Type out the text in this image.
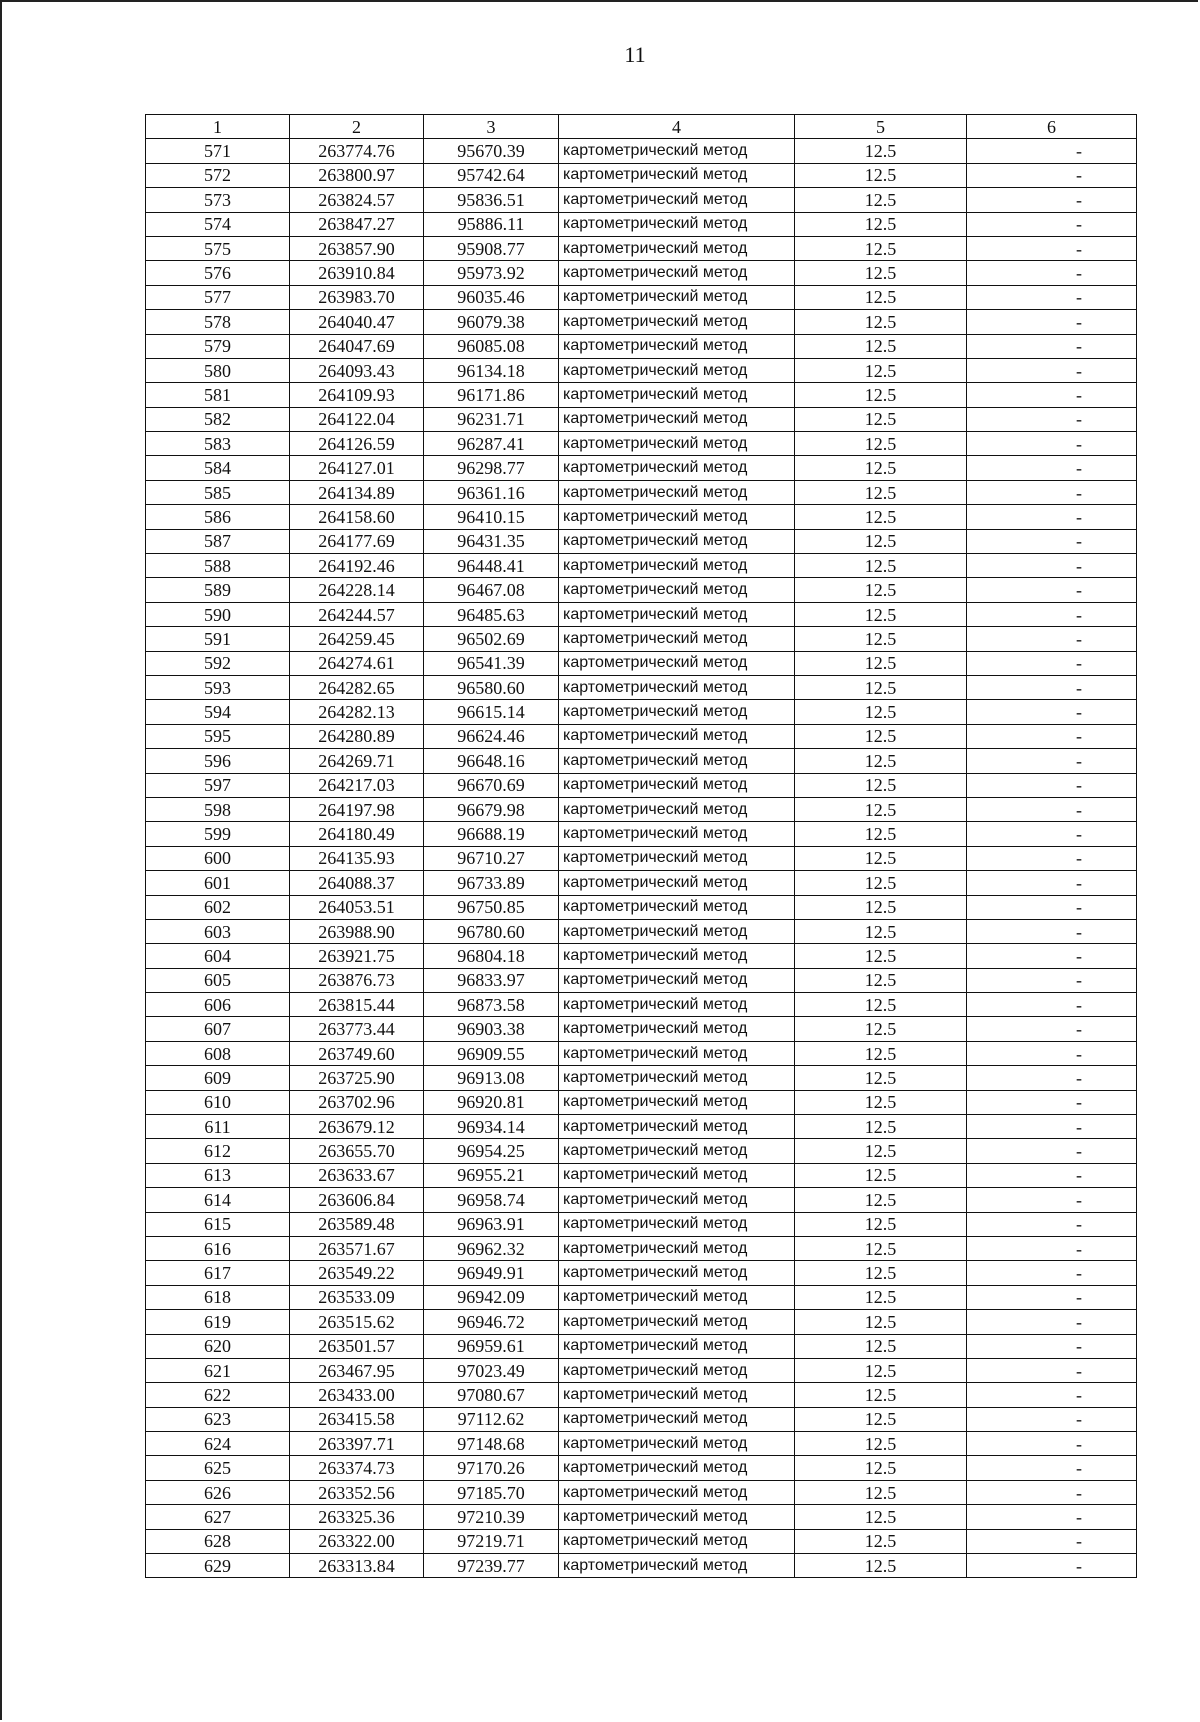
11
1	2	3	4	5	6
571	263774.76	95670.39	картометрический метод	12.5	-
572	263800.97	95742.64	картометрический метод	12.5	-
573	263824.57	95836.51	картометрический метод	12.5	-
574	263847.27	95886.11	картометрический метод	12.5	-
575	263857.90	95908.77	картометрический метод	12.5	-
576	263910.84	95973.92	картометрический метод	12.5	-
577	263983.70	96035.46	картометрический метод	12.5	-
578	264040.47	96079.38	картометрический метод	12.5	-
579	264047.69	96085.08	картометрический метод	12.5	-
580	264093.43	96134.18	картометрический метод	12.5	-
581	264109.93	96171.86	картометрический метод	12.5	-
582	264122.04	96231.71	картометрический метод	12.5	-
583	264126.59	96287.41	картометрический метод	12.5	-
584	264127.01	96298.77	картометрический метод	12.5	-
585	264134.89	96361.16	картометрический метод	12.5	-
586	264158.60	96410.15	картометрический метод	12.5	-
587	264177.69	96431.35	картометрический метод	12.5	-
588	264192.46	96448.41	картометрический метод	12.5	-
589	264228.14	96467.08	картометрический метод	12.5	-
590	264244.57	96485.63	картометрический метод	12.5	-
591	264259.45	96502.69	картометрический метод	12.5	-
592	264274.61	96541.39	картометрический метод	12.5	-
593	264282.65	96580.60	картометрический метод	12.5	-
594	264282.13	96615.14	картометрический метод	12.5	-
595	264280.89	96624.46	картометрический метод	12.5	-
596	264269.71	96648.16	картометрический метод	12.5	-
597	264217.03	96670.69	картометрический метод	12.5	-
598	264197.98	96679.98	картометрический метод	12.5	-
599	264180.49	96688.19	картометрический метод	12.5	-
600	264135.93	96710.27	картометрический метод	12.5	-
601	264088.37	96733.89	картометрический метод	12.5	-
602	264053.51	96750.85	картометрический метод	12.5	-
603	263988.90	96780.60	картометрический метод	12.5	-
604	263921.75	96804.18	картометрический метод	12.5	-
605	263876.73	96833.97	картометрический метод	12.5	-
606	263815.44	96873.58	картометрический метод	12.5	-
607	263773.44	96903.38	картометрический метод	12.5	-
608	263749.60	96909.55	картометрический метод	12.5	-
609	263725.90	96913.08	картометрический метод	12.5	-
610	263702.96	96920.81	картометрический метод	12.5	-
611	263679.12	96934.14	картометрический метод	12.5	-
612	263655.70	96954.25	картометрический метод	12.5	-
613	263633.67	96955.21	картометрический метод	12.5	-
614	263606.84	96958.74	картометрический метод	12.5	-
615	263589.48	96963.91	картометрический метод	12.5	-
616	263571.67	96962.32	картометрический метод	12.5	-
617	263549.22	96949.91	картометрический метод	12.5	-
618	263533.09	96942.09	картометрический метод	12.5	-
619	263515.62	96946.72	картометрический метод	12.5	-
620	263501.57	96959.61	картометрический метод	12.5	-
621	263467.95	97023.49	картометрический метод	12.5	-
622	263433.00	97080.67	картометрический метод	12.5	-
623	263415.58	97112.62	картометрический метод	12.5	-
624	263397.71	97148.68	картометрический метод	12.5	-
625	263374.73	97170.26	картометрический метод	12.5	-
626	263352.56	97185.70	картометрический метод	12.5	-
627	263325.36	97210.39	картометрический метод	12.5	-
628	263322.00	97219.71	картометрический метод	12.5	-
629	263313.84	97239.77	картометрический метод	12.5	-
